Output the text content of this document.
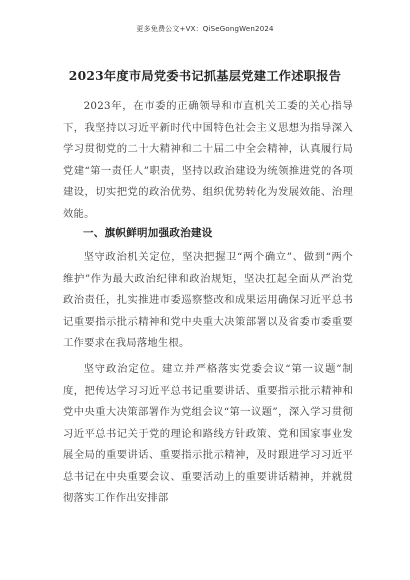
更多免费公文+VX：QiSeGongWen2024
2023年度市局党委书记抓基层党建工作述职报告

2023年，在市委的正确领导和市直机关工委的关心指导下，我坚持以习近平新时代中国特色社会主义思想为指导深入学习贯彻党的二十大精神和二十届二中全会精神，认真履行局党建“第一责任人”职责，坚持以政治建设为统领推进党的各项建设，切实把党的政治优势、组织优势转化为发展效能、治理效能。

一、旗帜鲜明加强政治建设

坚守政治机关定位，坚决把握卫“两个确立”、做到“两个维护”作为最大政治纪律和政治规矩，坚决扛起全面从严治党政治责任，扎实推进市委巡察整改和成果运用确保习近平总书记重要指示批示精神和党中央重大决策部署以及省委市委重要工作要求在我局落地生根。

坚守政治定位。建立并严格落实党委会议“第一议题”制度，把传达学习习近平总书记重要讲话、重要指示批示精神和党中央重大决策部署作为党组会议“第一议题”，深入学习贯彻习近平总书记关于党的理论和路线方针政策、党和国家事业发展全局的重要讲话、重要指示批示精神，及时跟进学习习近平总书记在中央重要会议、重要活动上的重要讲话精神，并就贯彻落实工作作出安排部
